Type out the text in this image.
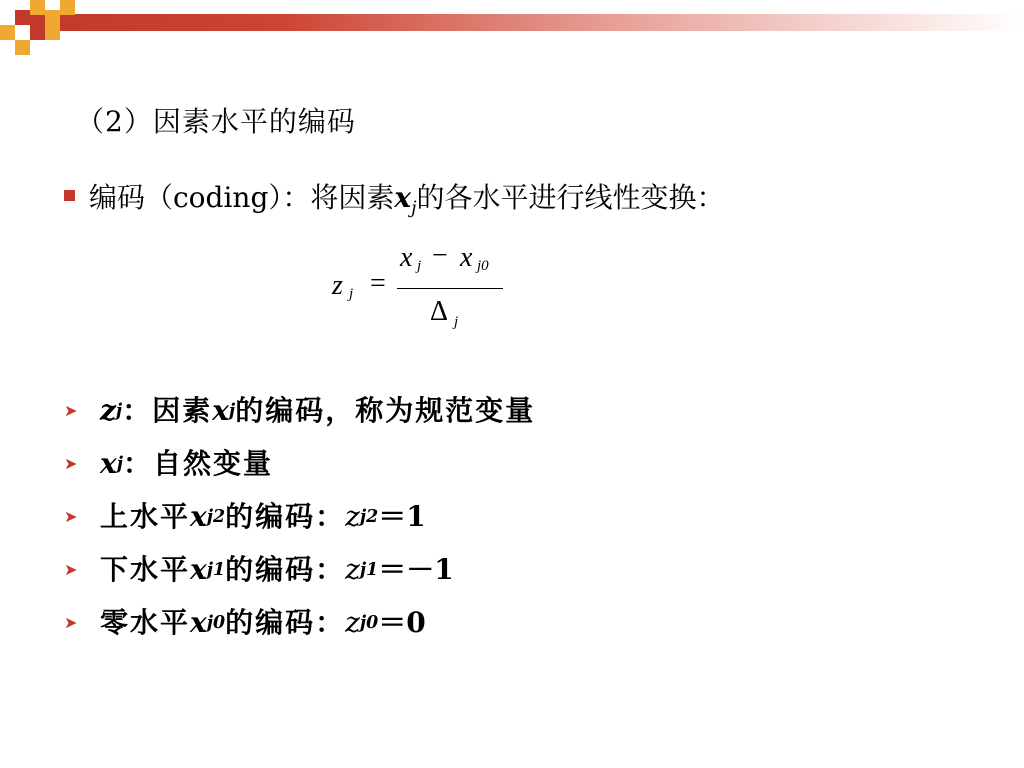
（2）因素水平的编码
编码（coding）：将因素$x_j$的各水平进行线性变换：
z j =
x j − x j0
Δ j
➤ z j ：因素 x j 的编码，称为规范变量
➤ x j ：自然变量
➤ 上水平 x j2 的编码： z j2 ＝1
➤ 下水平 x j1 的编码： z j1 ＝－1
➤ 零水平 x j0 的编码： z j0 ＝0
